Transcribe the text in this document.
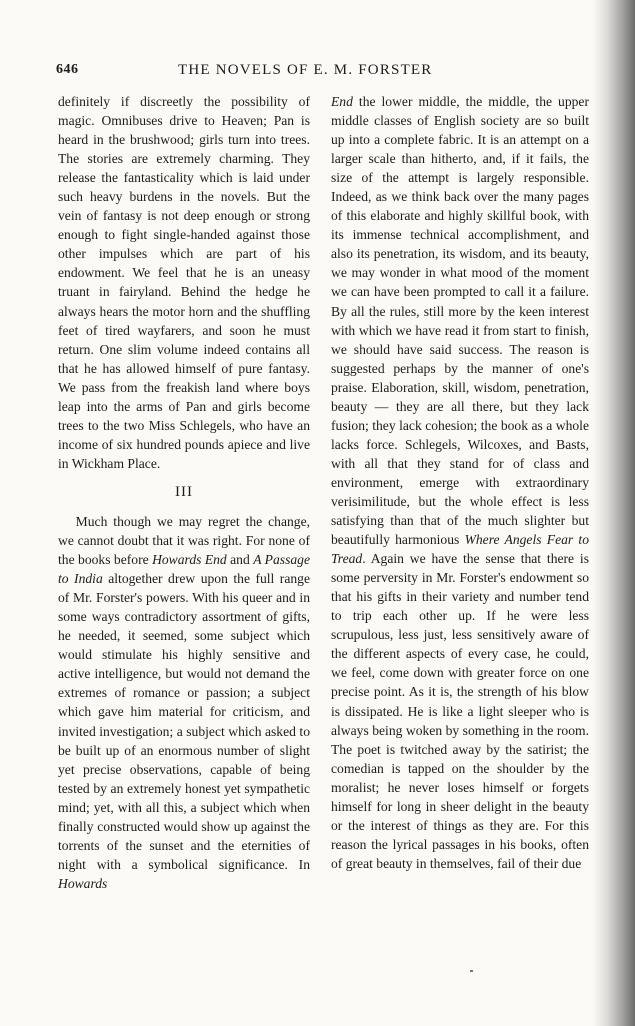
646	THE NOVELS OF E. M. FORSTER

definitely if discreetly the possibility of magic. Omnibuses drive to Heaven; Pan is heard in the brushwood; girls turn into trees. The stories are extremely charming. They release the fantasticality which is laid under such heavy burdens in the novels. But the vein of fantasy is not deep enough or strong enough to fight single-handed against those other impulses which are part of his endowment. We feel that he is an uneasy truant in fairyland. Behind the hedge he always hears the motor horn and the shuffling feet of tired wayfarers, and soon he must return. One slim volume indeed contains all that he has allowed himself of pure fantasy. We pass from the freakish land where boys leap into the arms of Pan and girls become trees to the two Miss Schlegels, who have an income of six hundred pounds apiece and live in Wickham Place.

III

Much though we may regret the change, we cannot doubt that it was right. For none of the books before Howards End and A Passage to India altogether drew upon the full range of Mr. Forster's powers. With his queer and in some ways contradictory assortment of gifts, he needed, it seemed, some subject which would stimulate his highly sensitive and active intelligence, but would not demand the extremes of romance or passion; a subject which gave him material for criticism, and invited investigation; a subject which asked to be built up of an enormous number of slight yet precise observations, capable of being tested by an extremely honest yet sympathetic mind; yet, with all this, a subject which when finally constructed would show up against the torrents of the sunset and the eternities of night with a symbolical significance. In Howards

End the lower middle, the middle, the upper middle classes of English society are so built up into a complete fabric. It is an attempt on a larger scale than hitherto, and, if it fails, the size of the attempt is largely responsible. Indeed, as we think back over the many pages of this elaborate and highly skillful book, with its immense technical accomplishment, and also its penetration, its wisdom, and its beauty, we may wonder in what mood of the moment we can have been prompted to call it a failure. By all the rules, still more by the keen interest with which we have read it from start to finish, we should have said success. The reason is suggested perhaps by the manner of one's praise. Elaboration, skill, wisdom, penetration, beauty — they are all there, but they lack fusion; they lack cohesion; the book as a whole lacks force. Schlegels, Wilcoxes, and Basts, with all that they stand for of class and environment, emerge with extraordinary verisimilitude, but the whole effect is less satisfying than that of the much slighter but beautifully harmonious Where Angels Fear to Tread. Again we have the sense that there is some perversity in Mr. Forster's endowment so that his gifts in their variety and number tend to trip each other up. If he were less scrupulous, less just, less sensitively aware of the different aspects of every case, he could, we feel, come down with greater force on one precise point. As it is, the strength of his blow is dissipated. He is like a light sleeper who is always being woken by something in the room. The poet is twitched away by the satirist; the comedian is tapped on the shoulder by the moralist; he never loses himself or forgets himself for long in sheer delight in the beauty or the interest of things as they are. For this reason the lyrical passages in his books, often of great beauty in themselves, fail of their due
